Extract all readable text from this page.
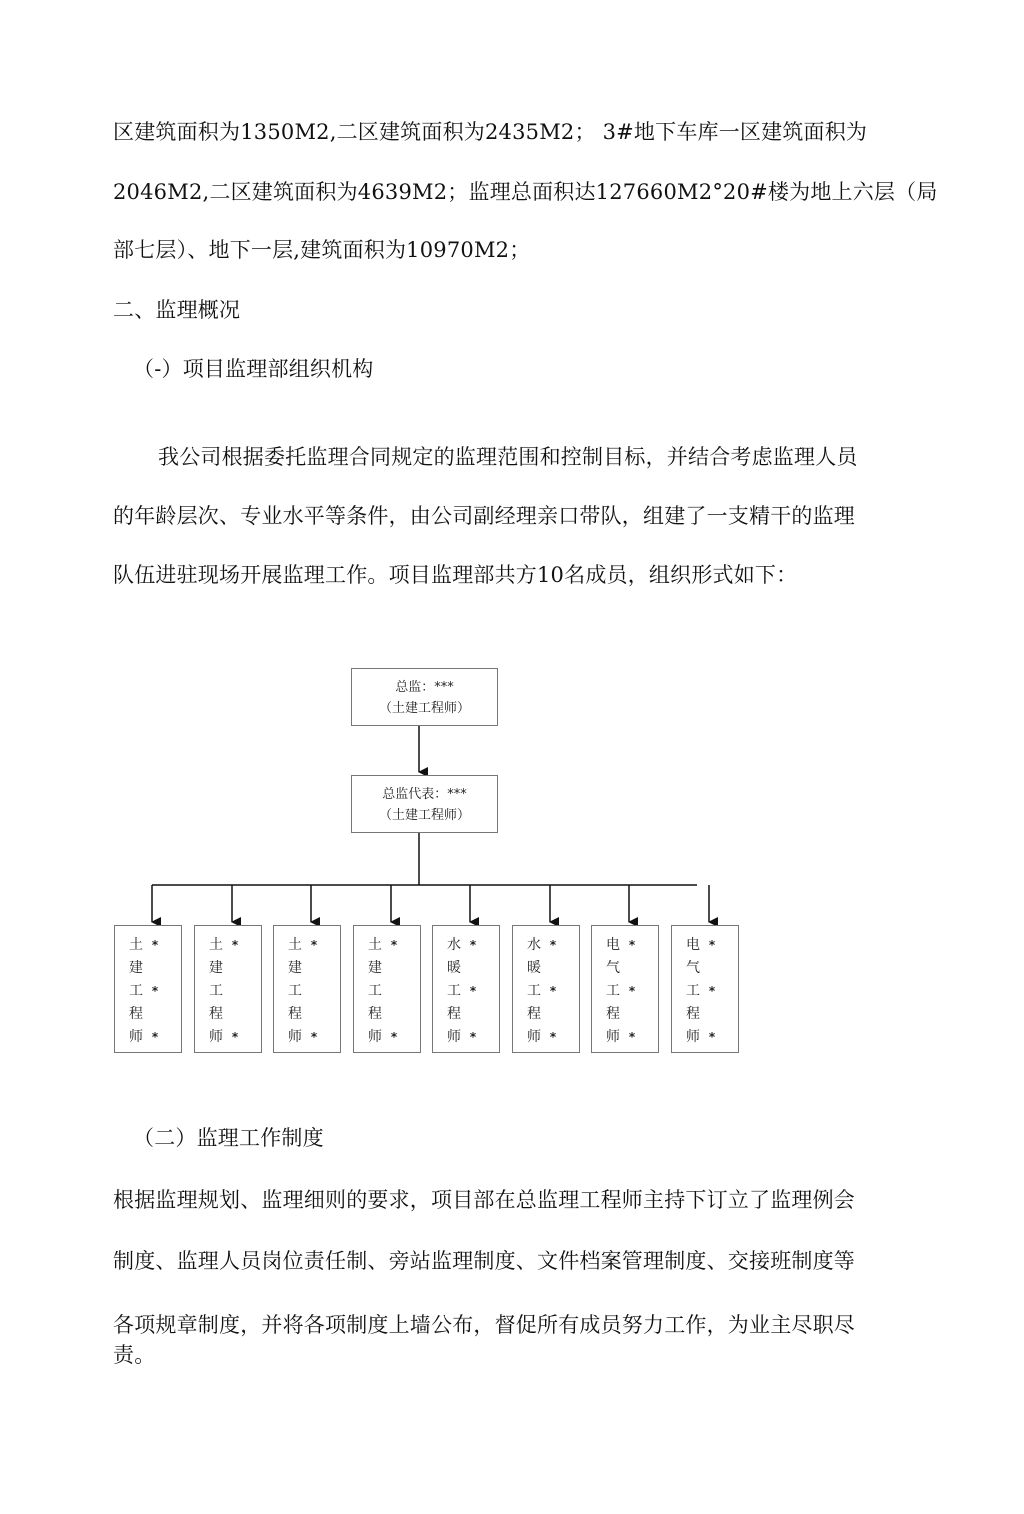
区建筑面积为1350M2,二区建筑面积为2435M2； 3#地下车库一区建筑面积为
2046M2,二区建筑面积为4639M2；监理总面积达127660M2°20#楼为地上六层（局
部七层）、地下一层,建筑面积为10970M2；
二、监理概况
（-）项目监理部组织机构
我公司根据委托监理合同规定的监理范围和控制目标，并结合考虑监理人员
的年龄层次、专业水平等条件，由公司副经理亲口带队，组建了一支精干的监理
队伍进驻现场开展监理工作。项目监理部共方10名成员，组织形式如下：
总监：***
（土建工程师）
总监代表：***
（土建工程师）
土
建
工
程
师
*

*

*
土
建
工
程
师
*

*
土
建
工
程
师
*

*
土
建
工
程
师
*

*
水
暖
工
程
师
*

*

*
水
暖
工
程
师
*

*

*
电
气
工
程
师
*

*

*
电
气
工
程
师
*

*

*
（二）监理工作制度
根据监理规划、监理细则的要求，项目部在总监理工程师主持下订立了监理例会
制度、监理人员岗位责任制、旁站监理制度、文件档案管理制度、交接班制度等
各项规章制度，并将各项制度上墙公布，督促所有成员努力工作，为业主尽职尽
责。
